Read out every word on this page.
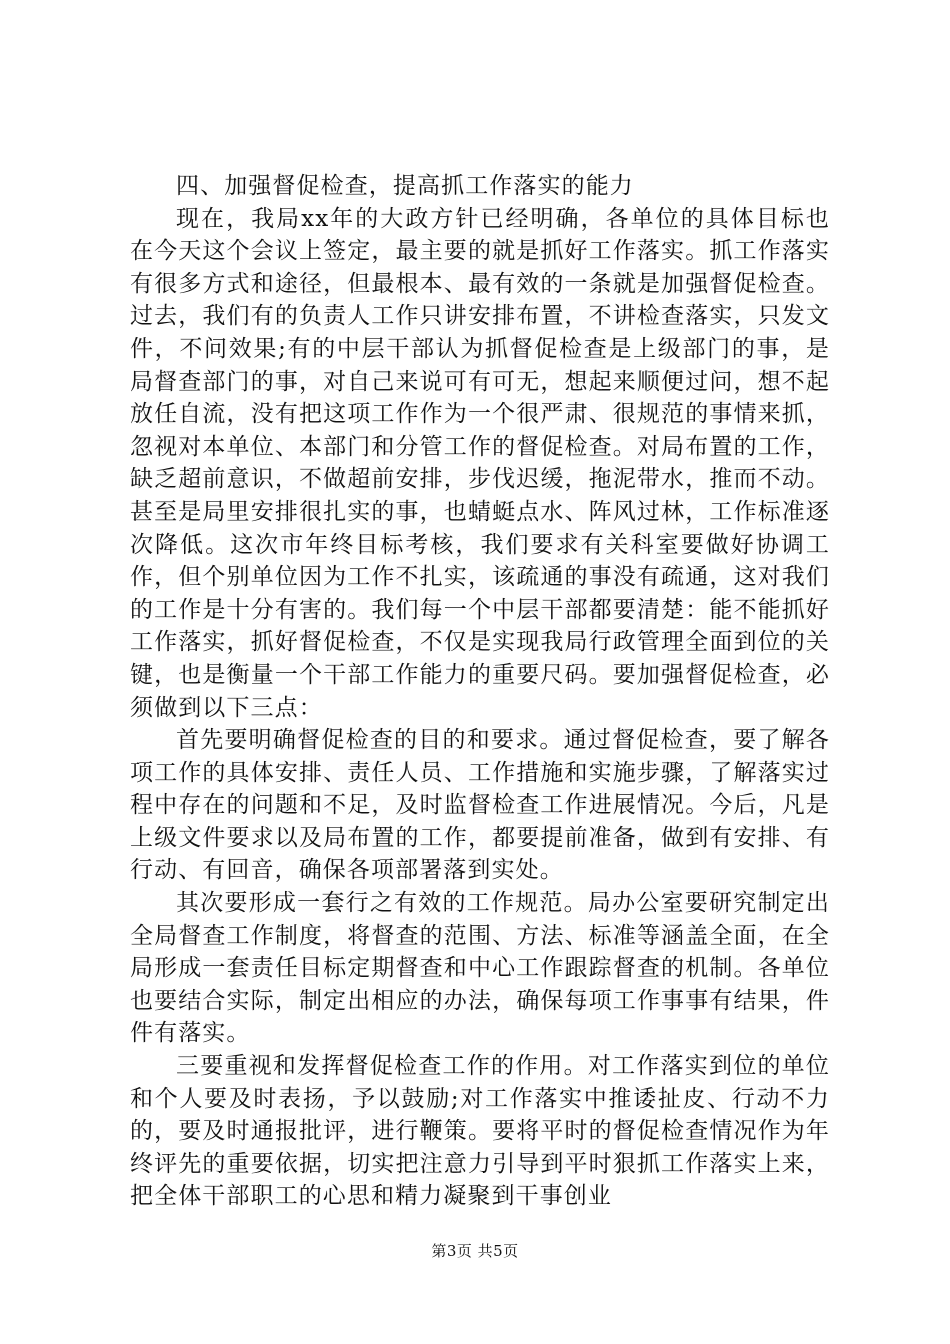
四、加强督促检查，提高抓工作落实的能力

现在，我局xx年的大政方针已经明确，各单位的具体目标也在今天这个会议上签定，最主要的就是抓好工作落实。抓工作落实有很多方式和途径，但最根本、最有效的一条就是加强督促检查。过去，我们有的负责人工作只讲安排布置，不讲检查落实，只发文件，不问效果;有的中层干部认为抓督促检查是上级部门的事，是局督查部门的事，对自己来说可有可无，想起来顺便过问，想不起放任自流，没有把这项工作作为一个很严肃、很规范的事情来抓，忽视对本单位、本部门和分管工作的督促检查。对局布置的工作，缺乏超前意识，不做超前安排，步伐迟缓，拖泥带水，推而不动。甚至是局里安排很扎实的事，也蜻蜓点水、阵风过林，工作标准逐次降低。这次市年终目标考核，我们要求有关科室要做好协调工作，但个别单位因为工作不扎实，该疏通的事没有疏通，这对我们的工作是十分有害的。我们每一个中层干部都要清楚：能不能抓好工作落实，抓好督促检查，不仅是实现我局行政管理全面到位的关键，也是衡量一个干部工作能力的重要尺码。要加强督促检查，必须做到以下三点：

首先要明确督促检查的目的和要求。通过督促检查，要了解各项工作的具体安排、责任人员、工作措施和实施步骤，了解落实过程中存在的问题和不足，及时监督检查工作进展情况。今后，凡是上级文件要求以及局布置的工作，都要提前准备，做到有安排、有行动、有回音，确保各项部署落到实处。

其次要形成一套行之有效的工作规范。局办公室要研究制定出全局督查工作制度，将督查的范围、方法、标准等涵盖全面，在全局形成一套责任目标定期督查和中心工作跟踪督查的机制。各单位也要结合实际，制定出相应的办法，确保每项工作事事有结果，件件有落实。

三要重视和发挥督促检查工作的作用。对工作落实到位的单位和个人要及时表扬，予以鼓励;对工作落实中推诿扯皮、行动不力的，要及时通报批评，进行鞭策。要将平时的督促检查情况作为年终评先的重要依据，切实把注意力引导到平时狠抓工作落实上来，把全体干部职工的心思和精力凝聚到干事创业

第3页 共5页
